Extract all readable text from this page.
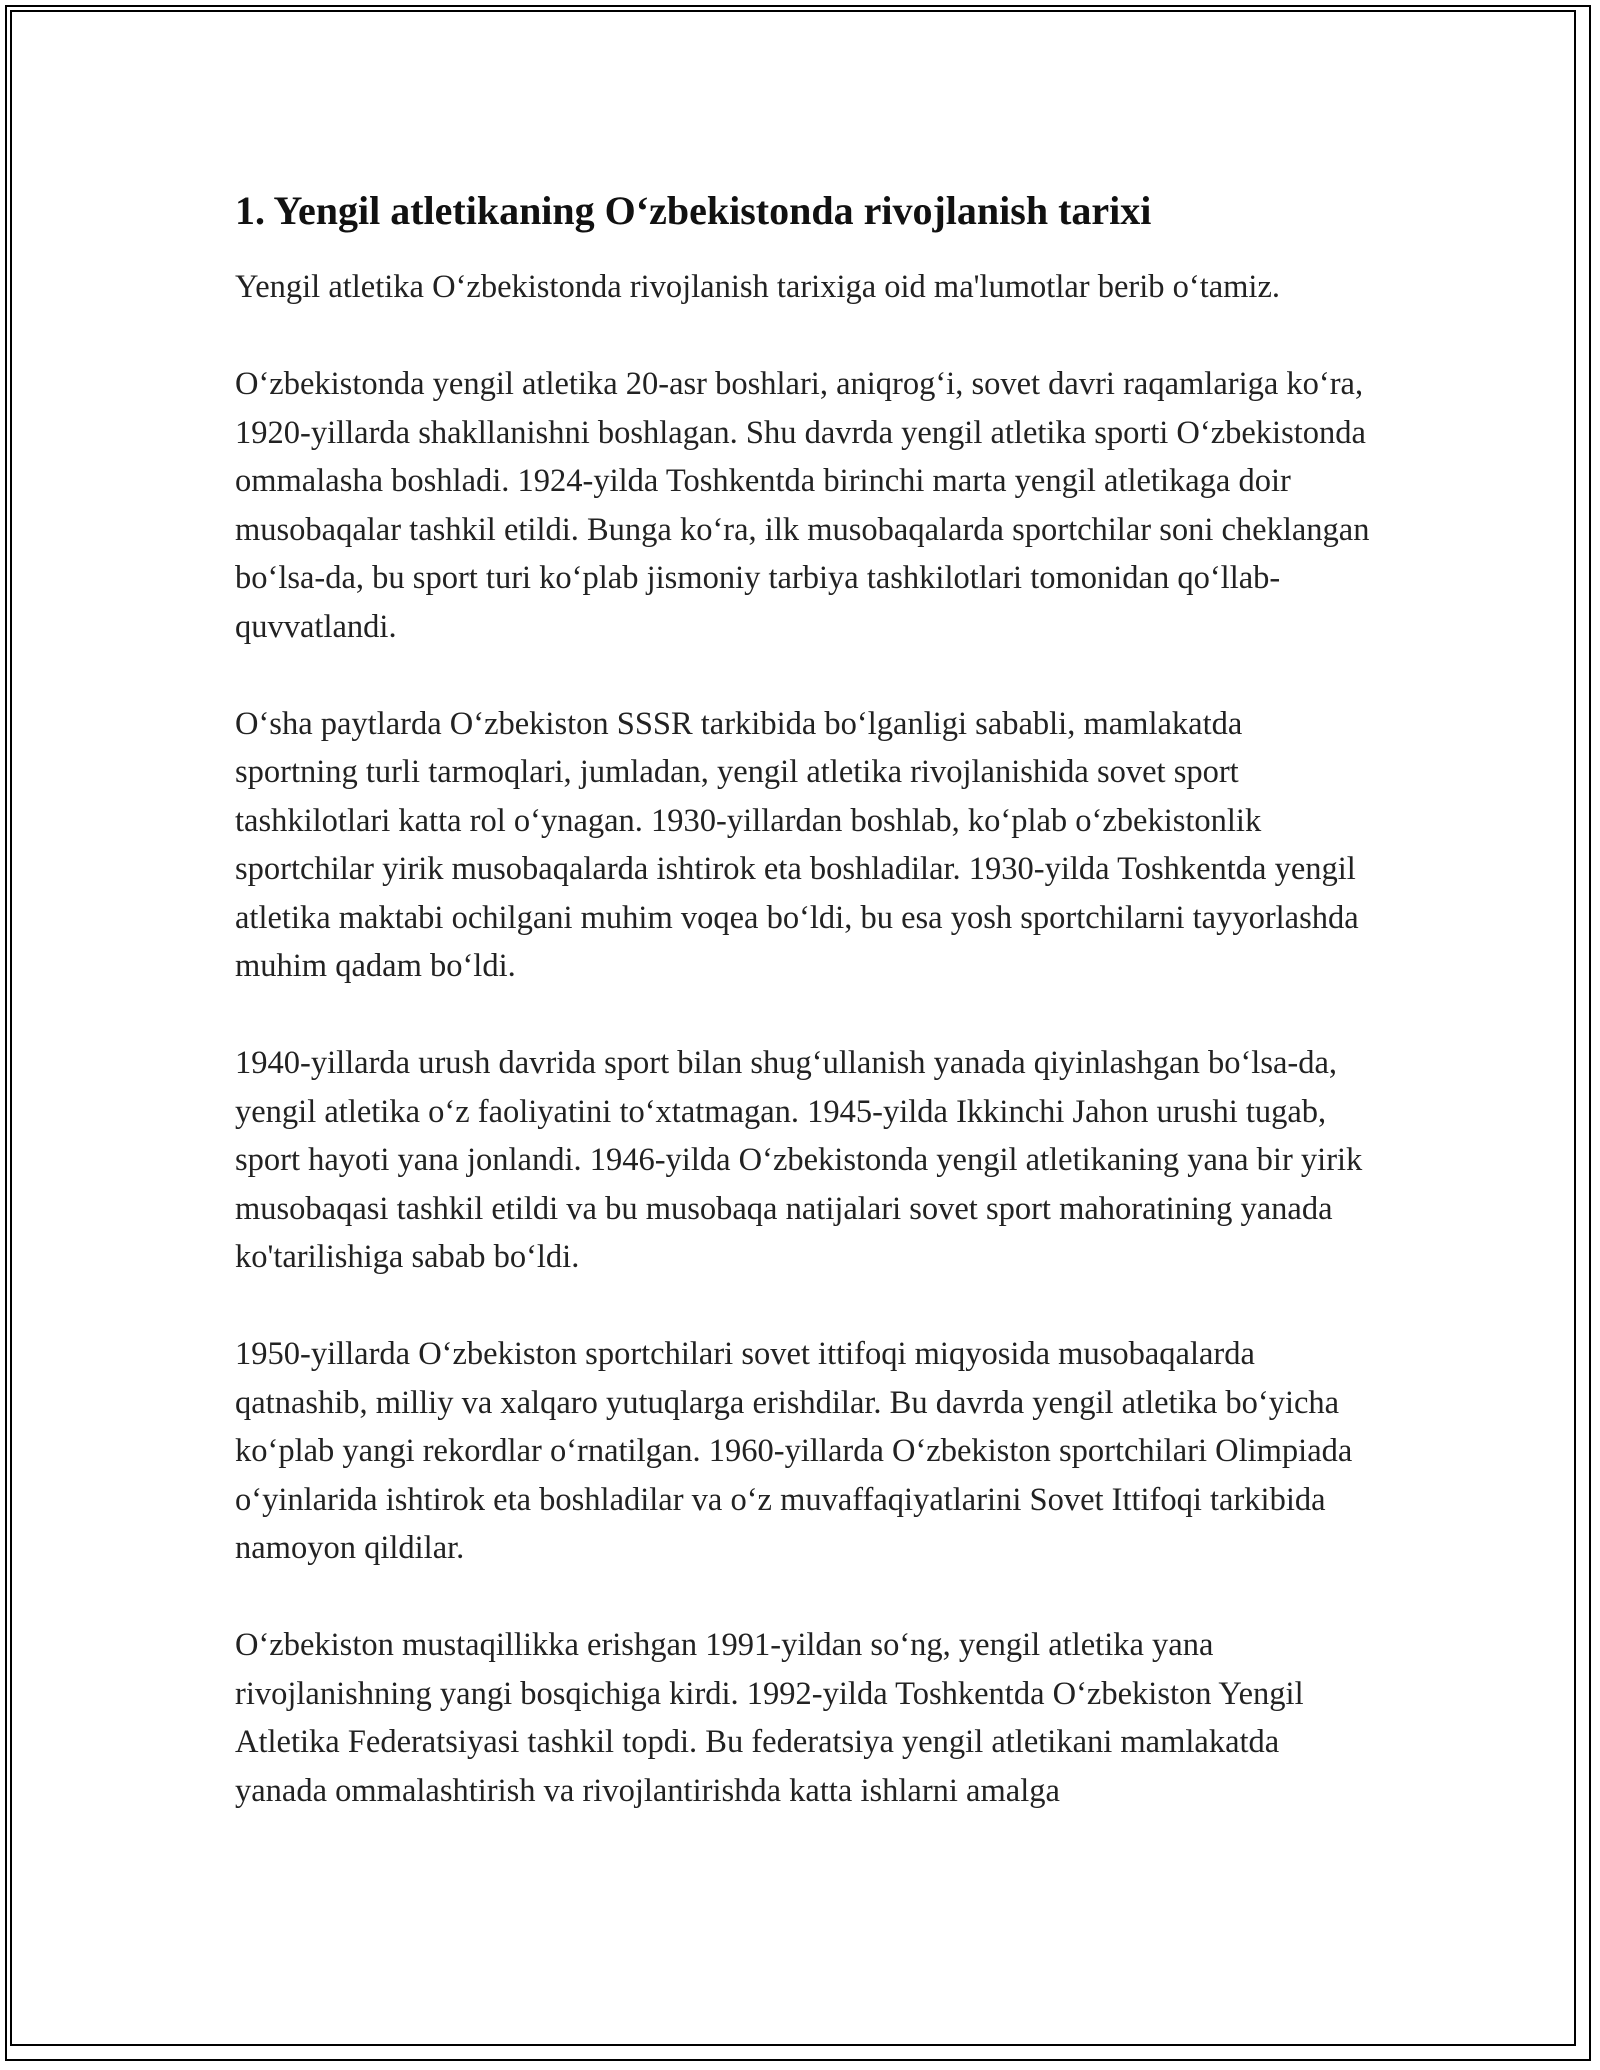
1. Yengil atletikaning O‘zbekistonda rivojlanish tarixi

Yengil atletika O‘zbekistonda rivojlanish tarixiga oid ma'lumotlar berib o‘tamiz.

O‘zbekistonda yengil atletika 20-asr boshlari, aniqrog‘i, sovet davri raqamlariga ko‘ra, 1920-yillarda shakllanishni boshlagan. Shu davrda yengil atletika sporti O‘zbekistonda ommalasha boshladi. 1924-yilda Toshkentda birinchi marta yengil atletikaga doir musobaqalar tashkil etildi. Bunga ko‘ra, ilk musobaqalarda sportchilar soni cheklangan bo‘lsa-da, bu sport turi ko‘plab jismoniy tarbiya tashkilotlari tomonidan qo‘llab-quvvatlandi.

O‘sha paytlarda O‘zbekiston SSSR tarkibida bo‘lganligi sababli, mamlakatda sportning turli tarmoqlari, jumladan, yengil atletika rivojlanishida sovet sport tashkilotlari katta rol o‘ynagan. 1930-yillardan boshlab, ko‘plab o‘zbekistonlik sportchilar yirik musobaqalarda ishtirok eta boshladilar. 1930-yilda Toshkentda yengil atletika maktabi ochilgani muhim voqea bo‘ldi, bu esa yosh sportchilarni tayyorlashda muhim qadam bo‘ldi.

1940-yillarda urush davrida sport bilan shug‘ullanish yanada qiyinlashgan bo‘lsa-da, yengil atletika o‘z faoliyatini to‘xtatmagan. 1945-yilda Ikkinchi Jahon urushi tugab, sport hayoti yana jonlandi. 1946-yilda O‘zbekistonda yengil atletikaning yana bir yirik musobaqasi tashkil etildi va bu musobaqa natijalari sovet sport mahoratining yanada ko'tarilishiga sabab bo‘ldi.

1950-yillarda O‘zbekiston sportchilari sovet ittifoqi miqyosida musobaqalarda qatnashib, milliy va xalqaro yutuqlarga erishdilar. Bu davrda yengil atletika bo‘yicha ko‘plab yangi rekordlar o‘rnatilgan. 1960-yillarda O‘zbekiston sportchilari Olimpiada o‘yinlarida ishtirok eta boshladilar va o‘z muvaffaqiyatlarini Sovet Ittifoqi tarkibida namoyon qildilar.

O‘zbekiston mustaqillikka erishgan 1991-yildan so‘ng, yengil atletika yana rivojlanishning yangi bosqichiga kirdi. 1992-yilda Toshkentda O‘zbekiston Yengil Atletika Federatsiyasi tashkil topdi. Bu federatsiya yengil atletikani mamlakatda yanada ommalashtirish va rivojlantirishda katta ishlarni amalga
